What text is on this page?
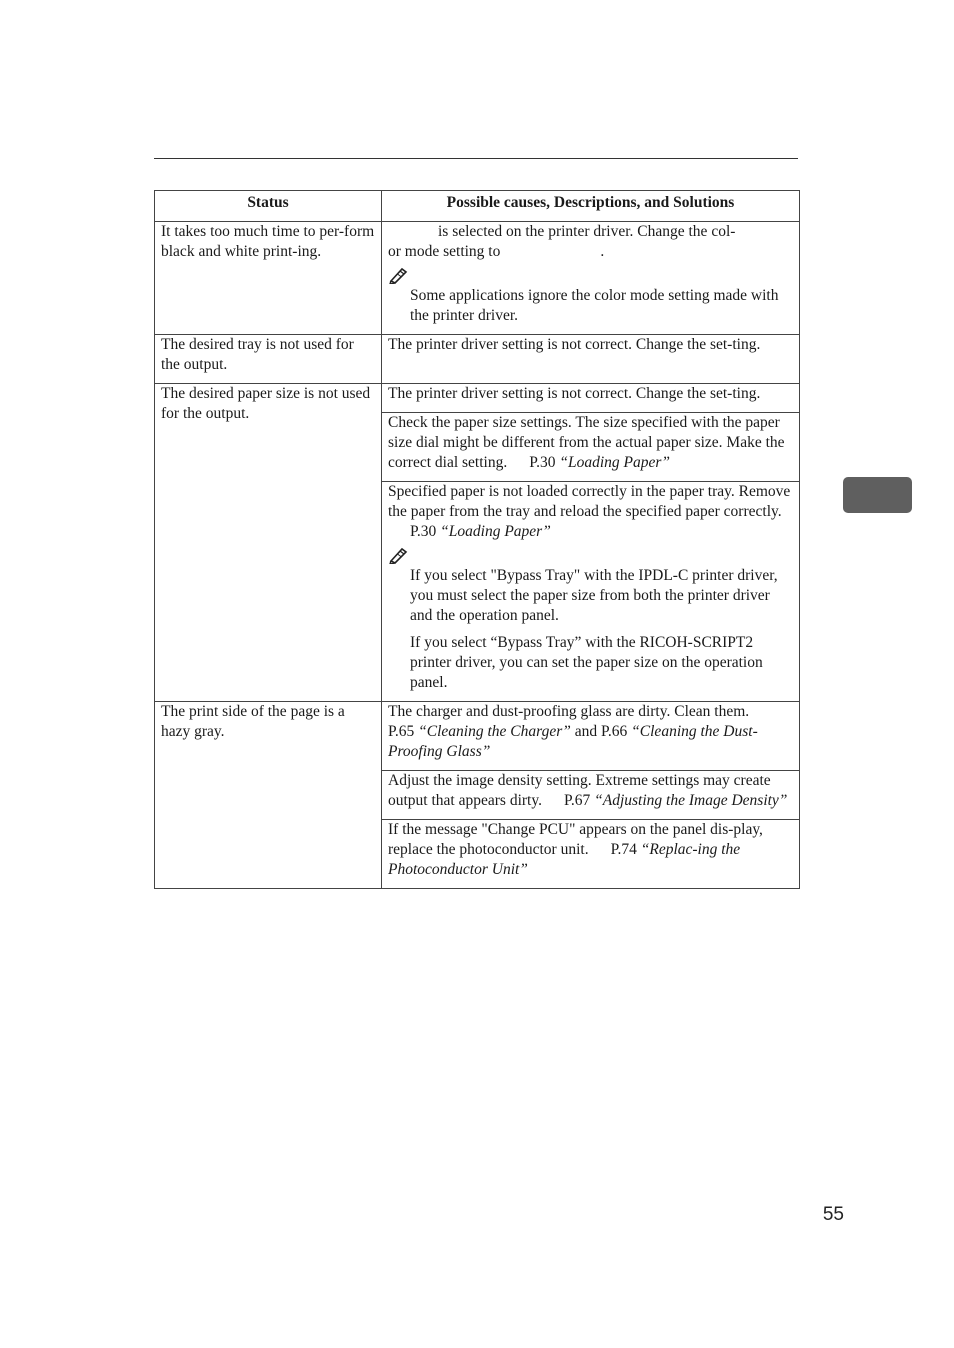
Status	Possible causes, Descriptions, and Solutions

It takes too much time to per-form black and white print-ing.	is selected on the printer driver. Change the col-
or mode setting to .
Some applications ignore the color mode setting made with the printer driver.

The desired tray is not used for the output.	The printer driver setting is not correct. Change the set-ting.

The desired paper size is not used for the output.	The printer driver setting is not correct. Change the set-ting.

	Check the paper size settings. The size specified with the paper size dial might be different from the actual paper size. Make the correct dial setting. P.30 “Loading Paper”

	Specified paper is not loaded correctly in the paper tray. Remove the paper from the tray and reload the specified paper correctly.P.30 “Loading Paper”
If you select "Bypass Tray" with the IPDL-C printer driver, you must select the paper size from both the printer driver and the operation panel.
If you select “Bypass Tray” with the RICOH-SCRIPT2 printer driver, you can set the paper size on the operation panel.

The print side of the page is a hazy gray.	The charger and dust-proofing glass are dirty. Clean them.P.65 “Cleaning the Charger” and P.66 “Cleaning the Dust-Proofing Glass”

	Adjust the image density setting. Extreme settings may create output that appears dirty. P.67 “Adjusting the Image Density”

	If the message "Change PCU" appears on the panel dis-play, replace the photoconductor unit. P.74 “Replac-ing the Photoconductor Unit”
55
